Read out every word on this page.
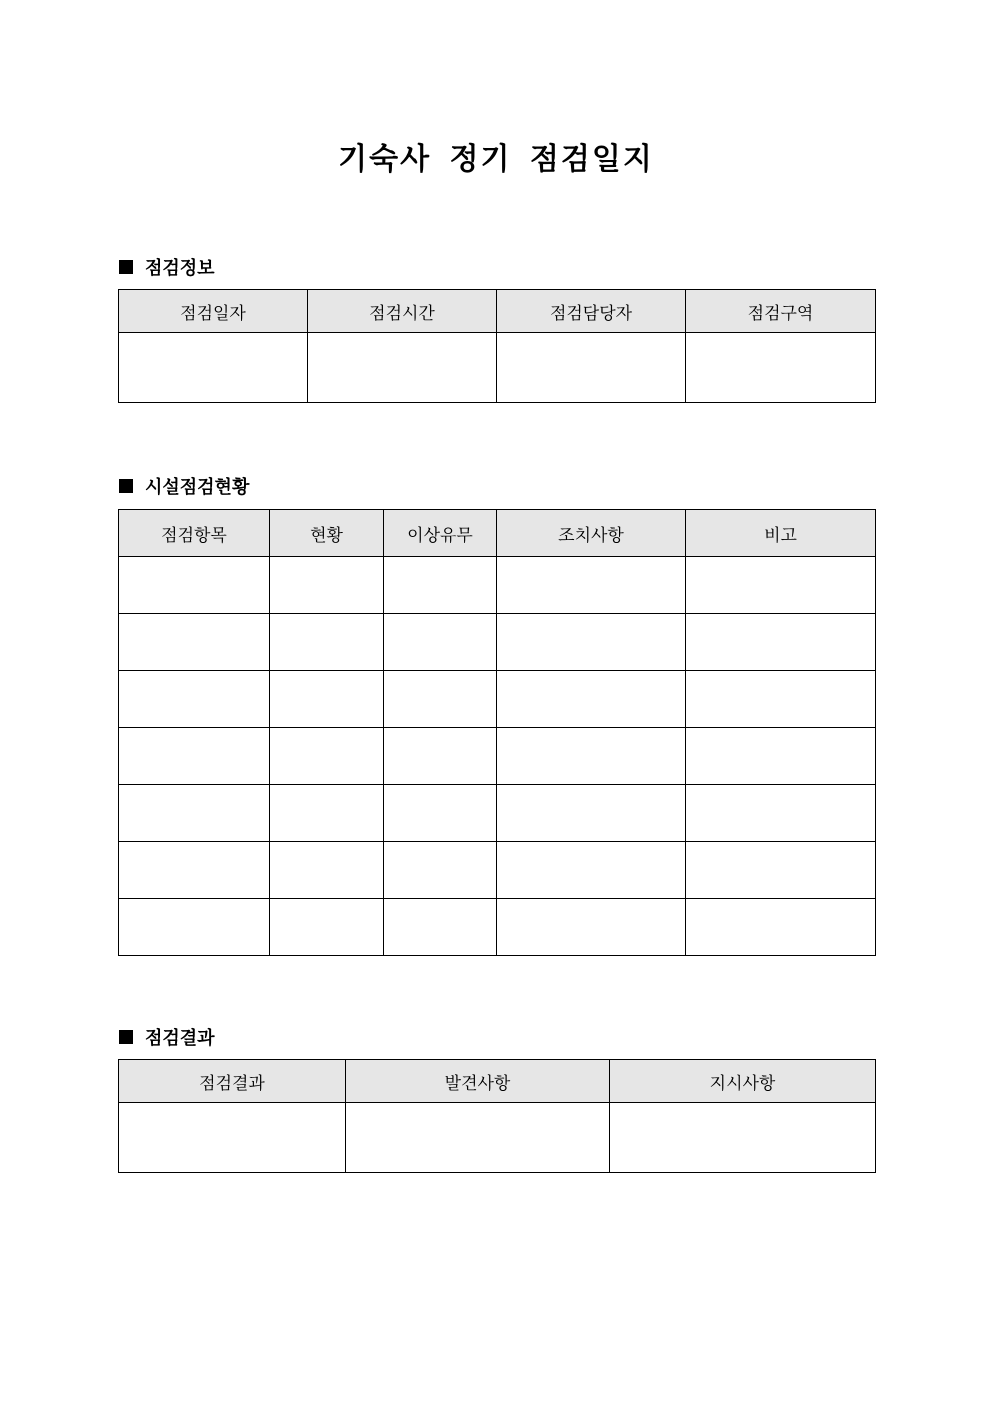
기숙사 정기 점검일지
점검정보
점검일자	점검시간	점검담당자	점검구역

시설점검현황
점검항목	현황	이상유무	조치사항	비고

점검결과
점검결과	발견사항	지시사항
